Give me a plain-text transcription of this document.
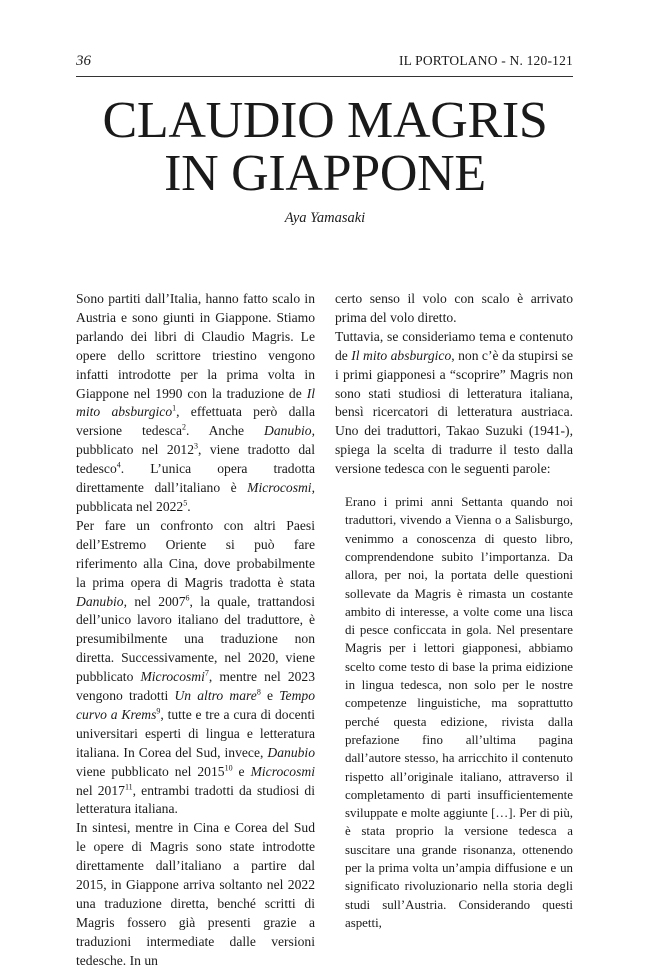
36	IL PORTOLANO - N. 120-121
CLAUDIO MAGRIS
IN GIAPPONE
Aya Yamasaki

Sono partiti dall’Italia, hanno fatto scalo in Austria e sono giunti in Giappone. Stiamo parlando dei libri di Claudio Magris. Le opere dello scrittore triestino vengono infatti introdotte per la prima volta in Giappone nel 1990 con la traduzione de Il mito absburgico$^1$, effettuata però dalla versione tedesca$^2$. Anche Danubio, pubblicato nel 2012$^3$, viene tradotto dal tedesco$^4$. L’unica opera tradotta direttamente dall’italiano è Microcosmi, pubblicata nel 2022$^5$.

Per fare un confronto con altri Paesi dell’Estremo Oriente si può fare riferimento alla Cina, dove probabilmente la prima opera di Magris tradotta è stata Danubio, nel 2007$^6$, la quale, trattandosi dell’unico lavoro italiano del traduttore, è presumibilmente una traduzione non diretta. Successivamente, nel 2020, viene pubblicato Microcosmi$^7$, mentre nel 2023 vengono tradotti Un altro mare$^8$ e Tempo curvo a Krems$^9$, tutte e tre a cura di docenti universitari esperti di lingua e letteratura italiana. In Corea del Sud, invece, Danubio viene pubblicato nel 2015$^{10}$ e Microcosmi nel 2017$^{11}$, entrambi tradotti da studiosi di letteratura italiana.

In sintesi, mentre in Cina e Corea del Sud le opere di Magris sono state introdotte direttamente dall’italiano a partire dal 2015, in Giappone arriva soltanto nel 2022 una traduzione diretta, benché scritti di Magris fossero già presenti grazie a traduzioni intermediate dalle versioni tedesche. In un

certo senso il volo con scalo è arrivato prima del volo diretto.

Tuttavia, se consideriamo tema e contenuto de Il mito absburgico, non c’è da stupirsi se i primi giapponesi a “scoprire” Magris non sono stati studiosi di letteratura italiana, bensì ricercatori di letteratura austriaca. Uno dei traduttori, Takao Suzuki (1941-), spiega la scelta di tradurre il testo dalla versione tedesca con le seguenti parole:

Erano i primi anni Settanta quando noi traduttori, vivendo a Vienna o a Salisburgo, venimmo a conoscenza di questo libro, comprendendone subito l’importanza. Da allora, per noi, la portata delle questioni sollevate da Magris è rimasta un costante ambito di interesse, a volte come una lisca di pesce conficcata in gola. Nel presentare Magris per i lettori giapponesi, abbiamo scelto come testo di base la prima eidizione in lingua tedesca, non solo per le nostre competenze linguistiche, ma soprattutto perché questa edizione, rivista dalla prefazione fino all’ultima pagina dall’autore stesso, ha arricchito il contenuto rispetto all’originale italiano, attraverso il completamento di parti insufficientemente sviluppate e molte aggiunte […]. Per di più, è stata proprio la versione tedesca a suscitare una grande risonanza, ottenendo per la prima volta un’ampia diffusione e un significato rivoluzionario nella storia degli studi sull’Austria. Considerando questi aspetti,
